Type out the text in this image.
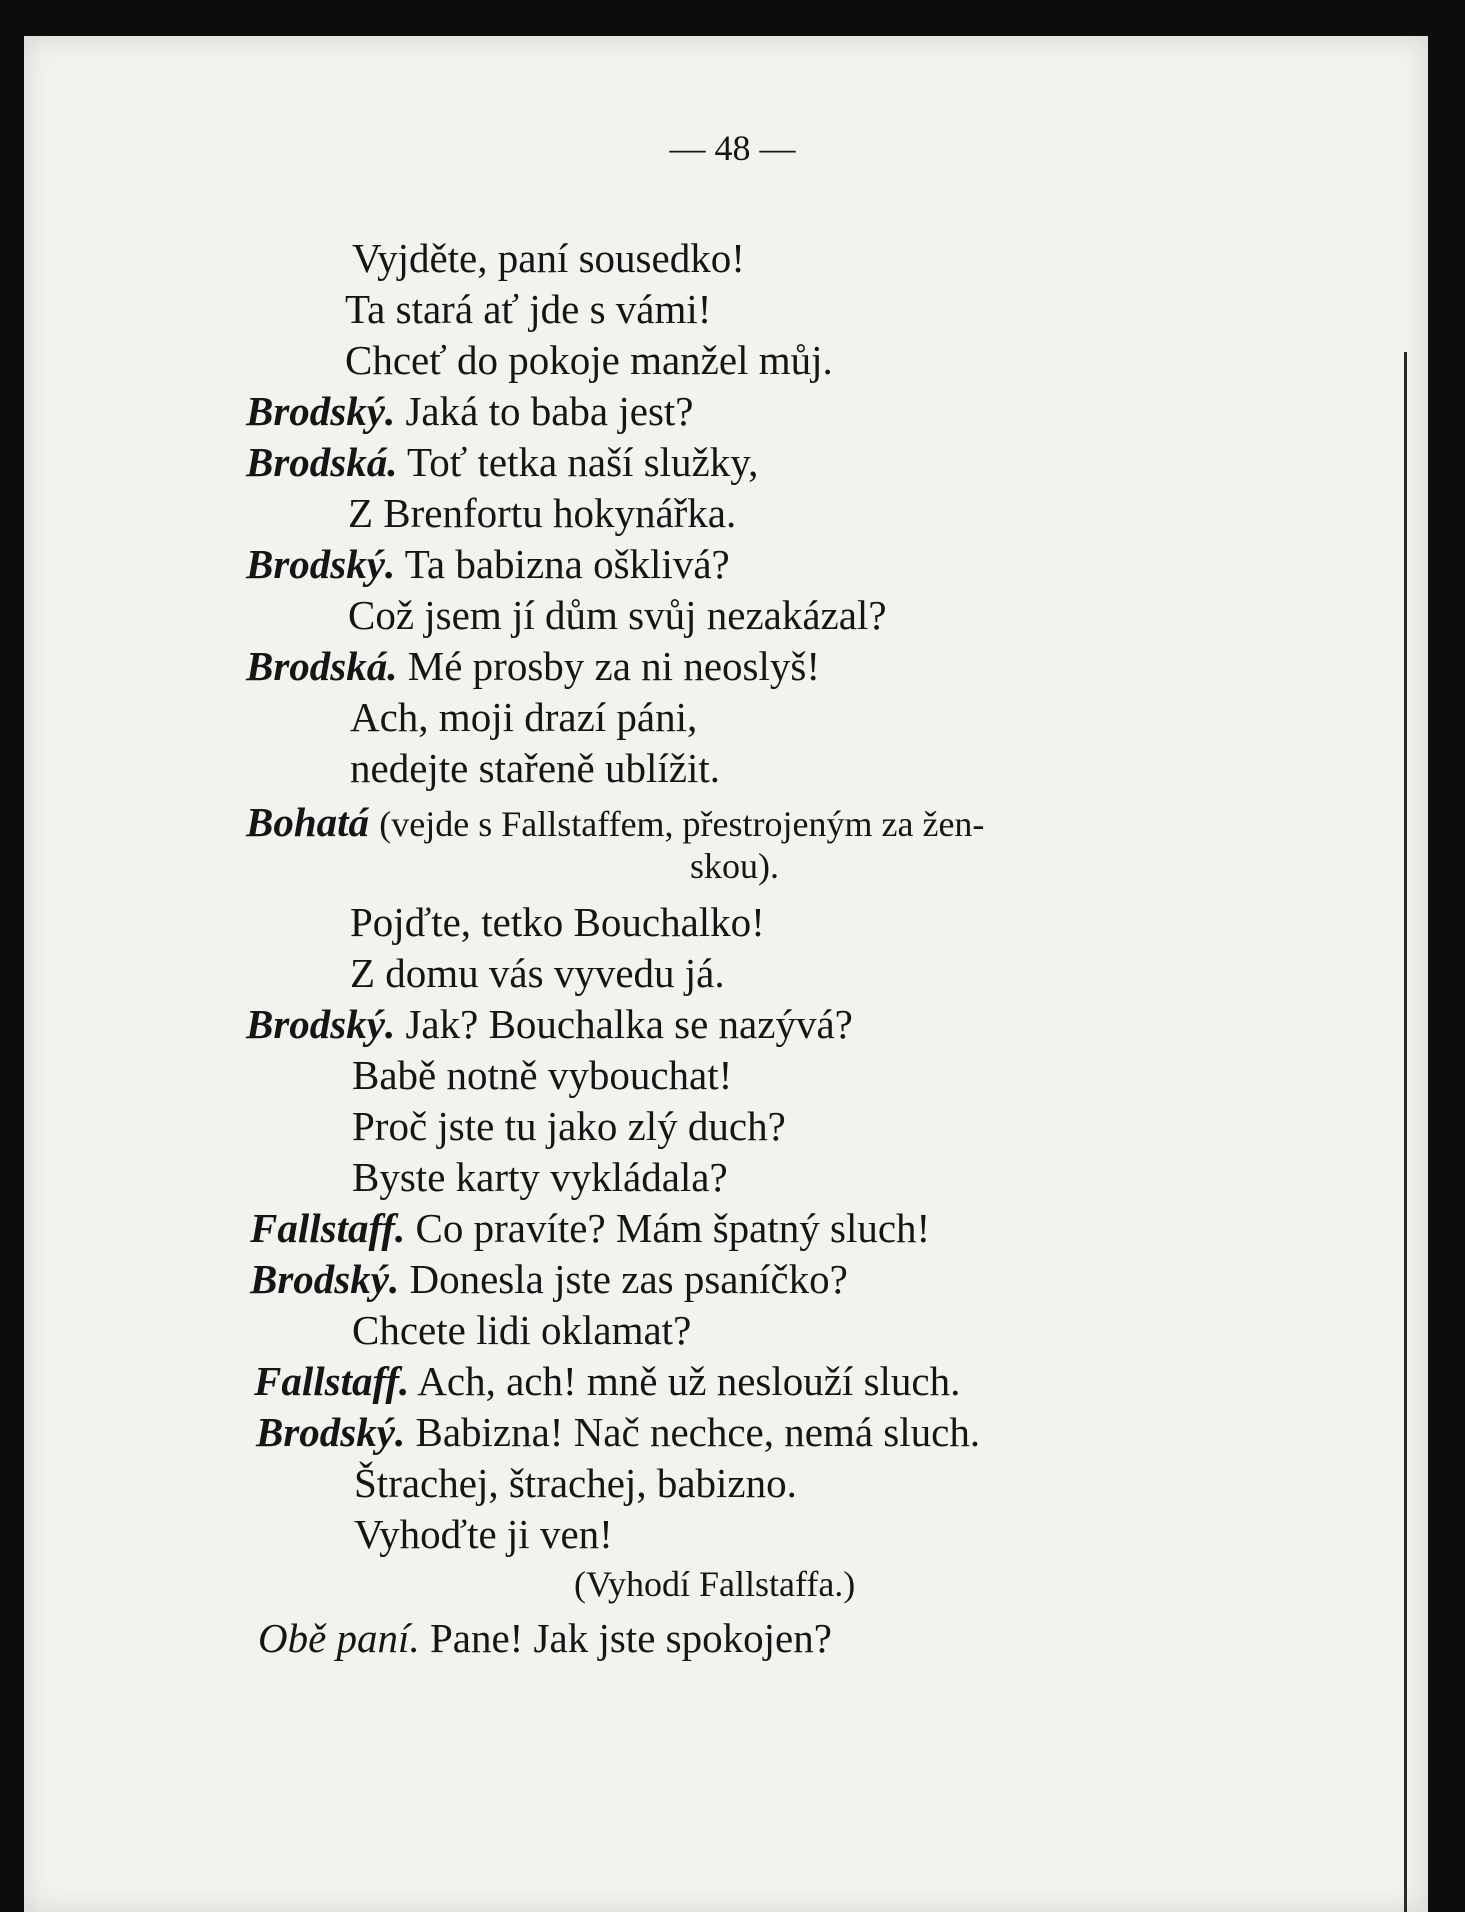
— 48 —
Vyjděte, paní sousedko!
Ta stará ať jde s vámi!
Chceť do pokoje manžel můj.
Brodský. Jaká to baba jest?
Brodská. Toť tetka naší služky,
Z Brenfortu hokynářka.
Brodský. Ta babizna ošklivá?
Což jsem jí dům svůj nezakázal?
Brodská. Mé prosby za ni neoslyš!
Ach, moji drazí páni,
nedejte stařeně ublížit.
Bohatá (vejde s Fallstaffem, přestrojeným za žen-
skou).
Pojďte, tetko Bouchalko!
Z domu vás vyvedu já.
Brodský. Jak? Bouchalka se nazývá?
Babě notně vybouchat!
Proč jste tu jako zlý duch?
Byste karty vykládala?
Fallstaff. Co pravíte? Mám špatný sluch!
Brodský. Donesla jste zas psaníčko?
Chcete lidi oklamat?
Fallstaff. Ach, ach! mně už neslouží sluch.
Brodský. Babizna! Nač nechce, nemá sluch.
Štrachej, štrachej, babizno.
Vyhoďte ji ven!
(Vyhodí Fallstaffa.)
Obě paní. Pane! Jak jste spokojen?
